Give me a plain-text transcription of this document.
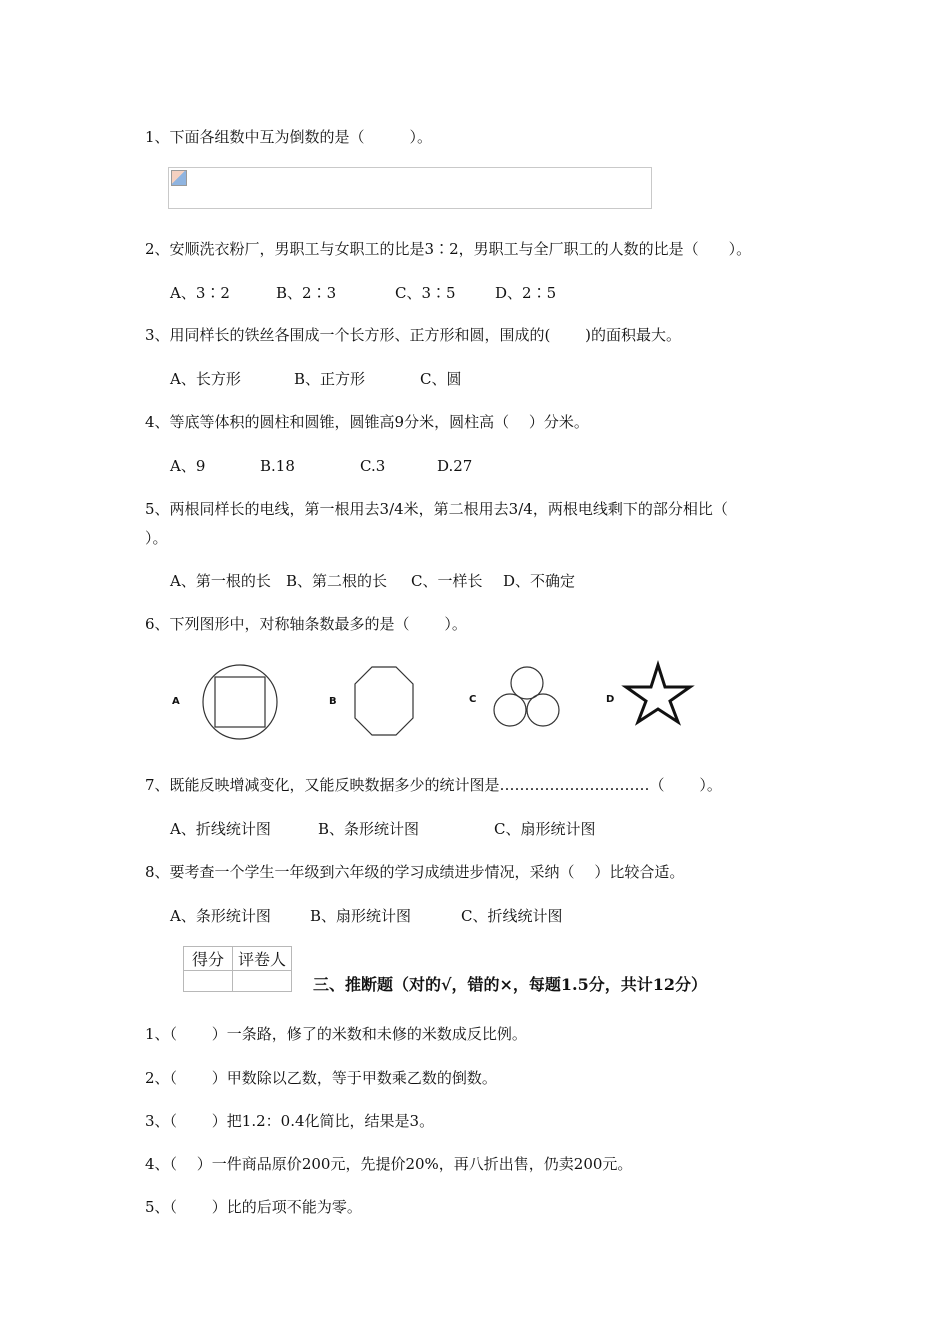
1、下面各组数中互为倒数的是（　　　）。
2、安顺洗衣粉厂，男职工与女职工的比是3∶2，男职工与全厂职工的人数的比是（　　）。
A、3∶2	B、2∶3	C、3∶5	D、2∶5
3、用同样长的铁丝各围成一个长方形、正方形和圆，围成的(　　 )的面积最大。
A、长方形	B、正方形	C、圆
4、等底等体积的圆柱和圆锥，圆锥高9分米，圆柱高（　 ）分米。
A、9	B.18	C.3	D.27
5、两根同样长的电线，第一根用去3/4米，第二根用去3/4，两根电线剩下的部分相比（
）。
A、第一根的长 B、第二根的长 C、一样长 D、不确定
6、下列图形中，对称轴条数最多的是（　　 ）。
A	B	C	D
7、既能反映增减变化，又能反映数据多少的统计图是…………………………（　　 ）。
A、折线统计图	B、条形统计图	C、扇形统计图
8、要考查一个学生一年级到六年级的学习成绩进步情况，采纳（　 ）比较合适。
A、条形统计图	B、扇形统计图	C、折线统计图
得分	评卷人

三、推断题（对的√，错的×，每题1.5分，共计12分）
1、（　　 ）一条路，修了的米数和未修的米数成反比例。
2、（　　 ）甲数除以乙数，等于甲数乘乙数的倒数。
3、（　　 ）把1.2：0.4化简比，结果是3。
4、（　 ）一件商品原价200元，先提价20%，再八折出售，仍卖200元。
5、（　　 ）比的后项不能为零。
